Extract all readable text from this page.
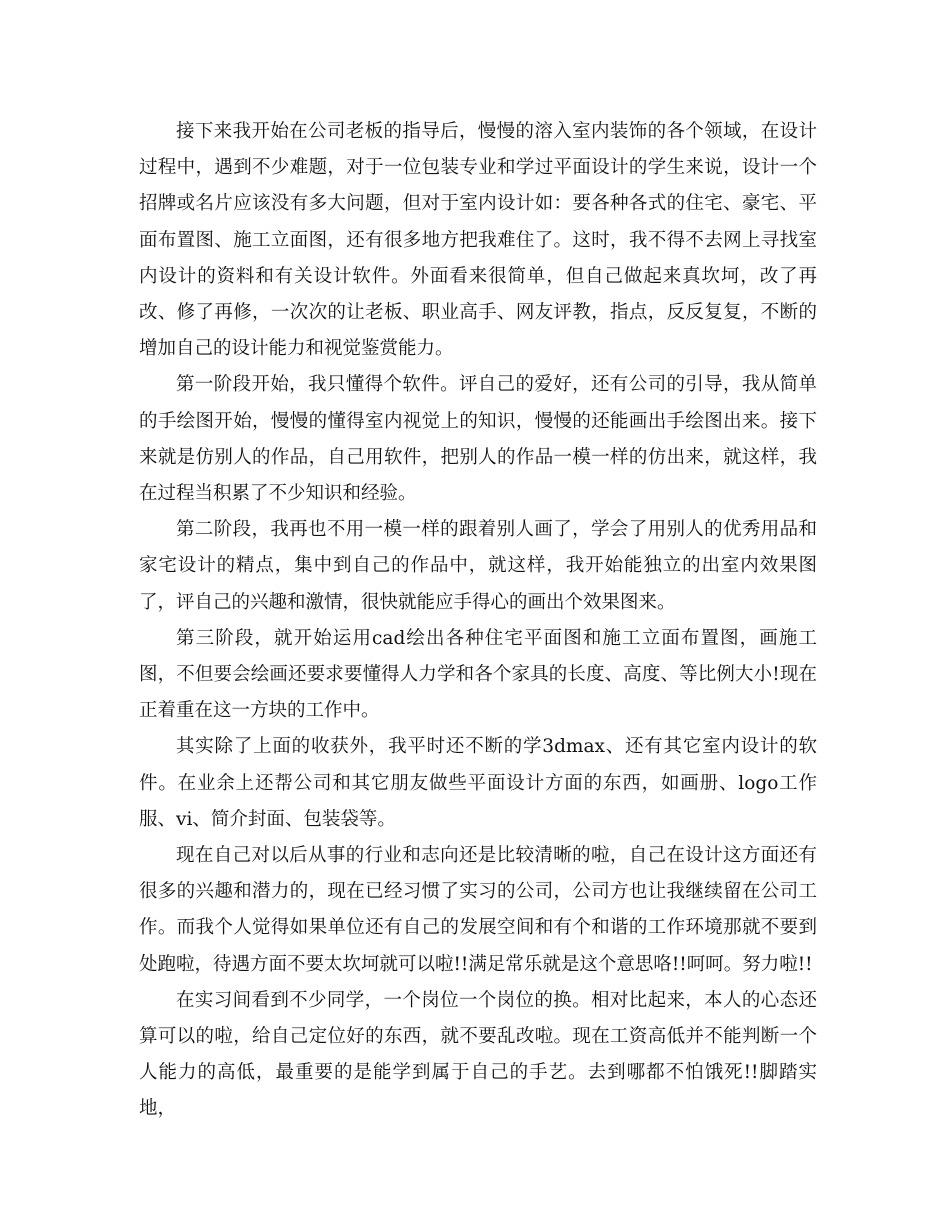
接下来我开始在公司老板的指导后，慢慢的溶入室内装饰的各个领域，在设计过程中，遇到不少难题，对于一位包装专业和学过平面设计的学生来说，设计一个招牌或名片应该没有多大问题，但对于室内设计如：要各种各式的住宅、豪宅、平面布置图、施工立面图，还有很多地方把我难住了。这时，我不得不去网上寻找室内设计的资料和有关设计软件。外面看来很简单，但自己做起来真坎坷，改了再改、修了再修，一次次的让老板、职业高手、网友评教，指点，反反复复，不断的增加自己的设计能力和视觉鉴赏能力。

第一阶段开始，我只懂得个软件。评自己的爱好，还有公司的引导，我从简单的手绘图开始，慢慢的懂得室内视觉上的知识，慢慢的还能画出手绘图出来。接下来就是仿别人的作品，自己用软件，把别人的作品一模一样的仿出来，就这样，我在过程当积累了不少知识和经验。

第二阶段，我再也不用一模一样的跟着别人画了，学会了用别人的优秀用品和家宅设计的精点，集中到自己的作品中，就这样，我开始能独立的出室内效果图了，评自己的兴趣和激情，很快就能应手得心的画出个效果图来。

第三阶段，就开始运用cad绘出各种住宅平面图和施工立面布置图，画施工图，不但要会绘画还要求要懂得人力学和各个家具的长度、高度、等比例大小!现在正着重在这一方块的工作中。

其实除了上面的收获外，我平时还不断的学3dmax、还有其它室内设计的软件。在业余上还帮公司和其它朋友做些平面设计方面的东西，如画册、logo工作服、vi、简介封面、包装袋等。

现在自己对以后从事的行业和志向还是比较清晰的啦，自己在设计这方面还有很多的兴趣和潜力的，现在已经习惯了实习的公司，公司方也让我继续留在公司工作。而我个人觉得如果单位还有自己的发展空间和有个和谐的工作环境那就不要到处跑啦，待遇方面不要太坎坷就可以啦!!满足常乐就是这个意思咯!!呵呵。努力啦!!

在实习间看到不少同学，一个岗位一个岗位的换。相对比起来，本人的心态还算可以的啦，给自己定位好的东西，就不要乱改啦。现在工资高低并不能判断一个人能力的高低，最重要的是能学到属于自己的手艺。去到哪都不怕饿死!!脚踏实地，
